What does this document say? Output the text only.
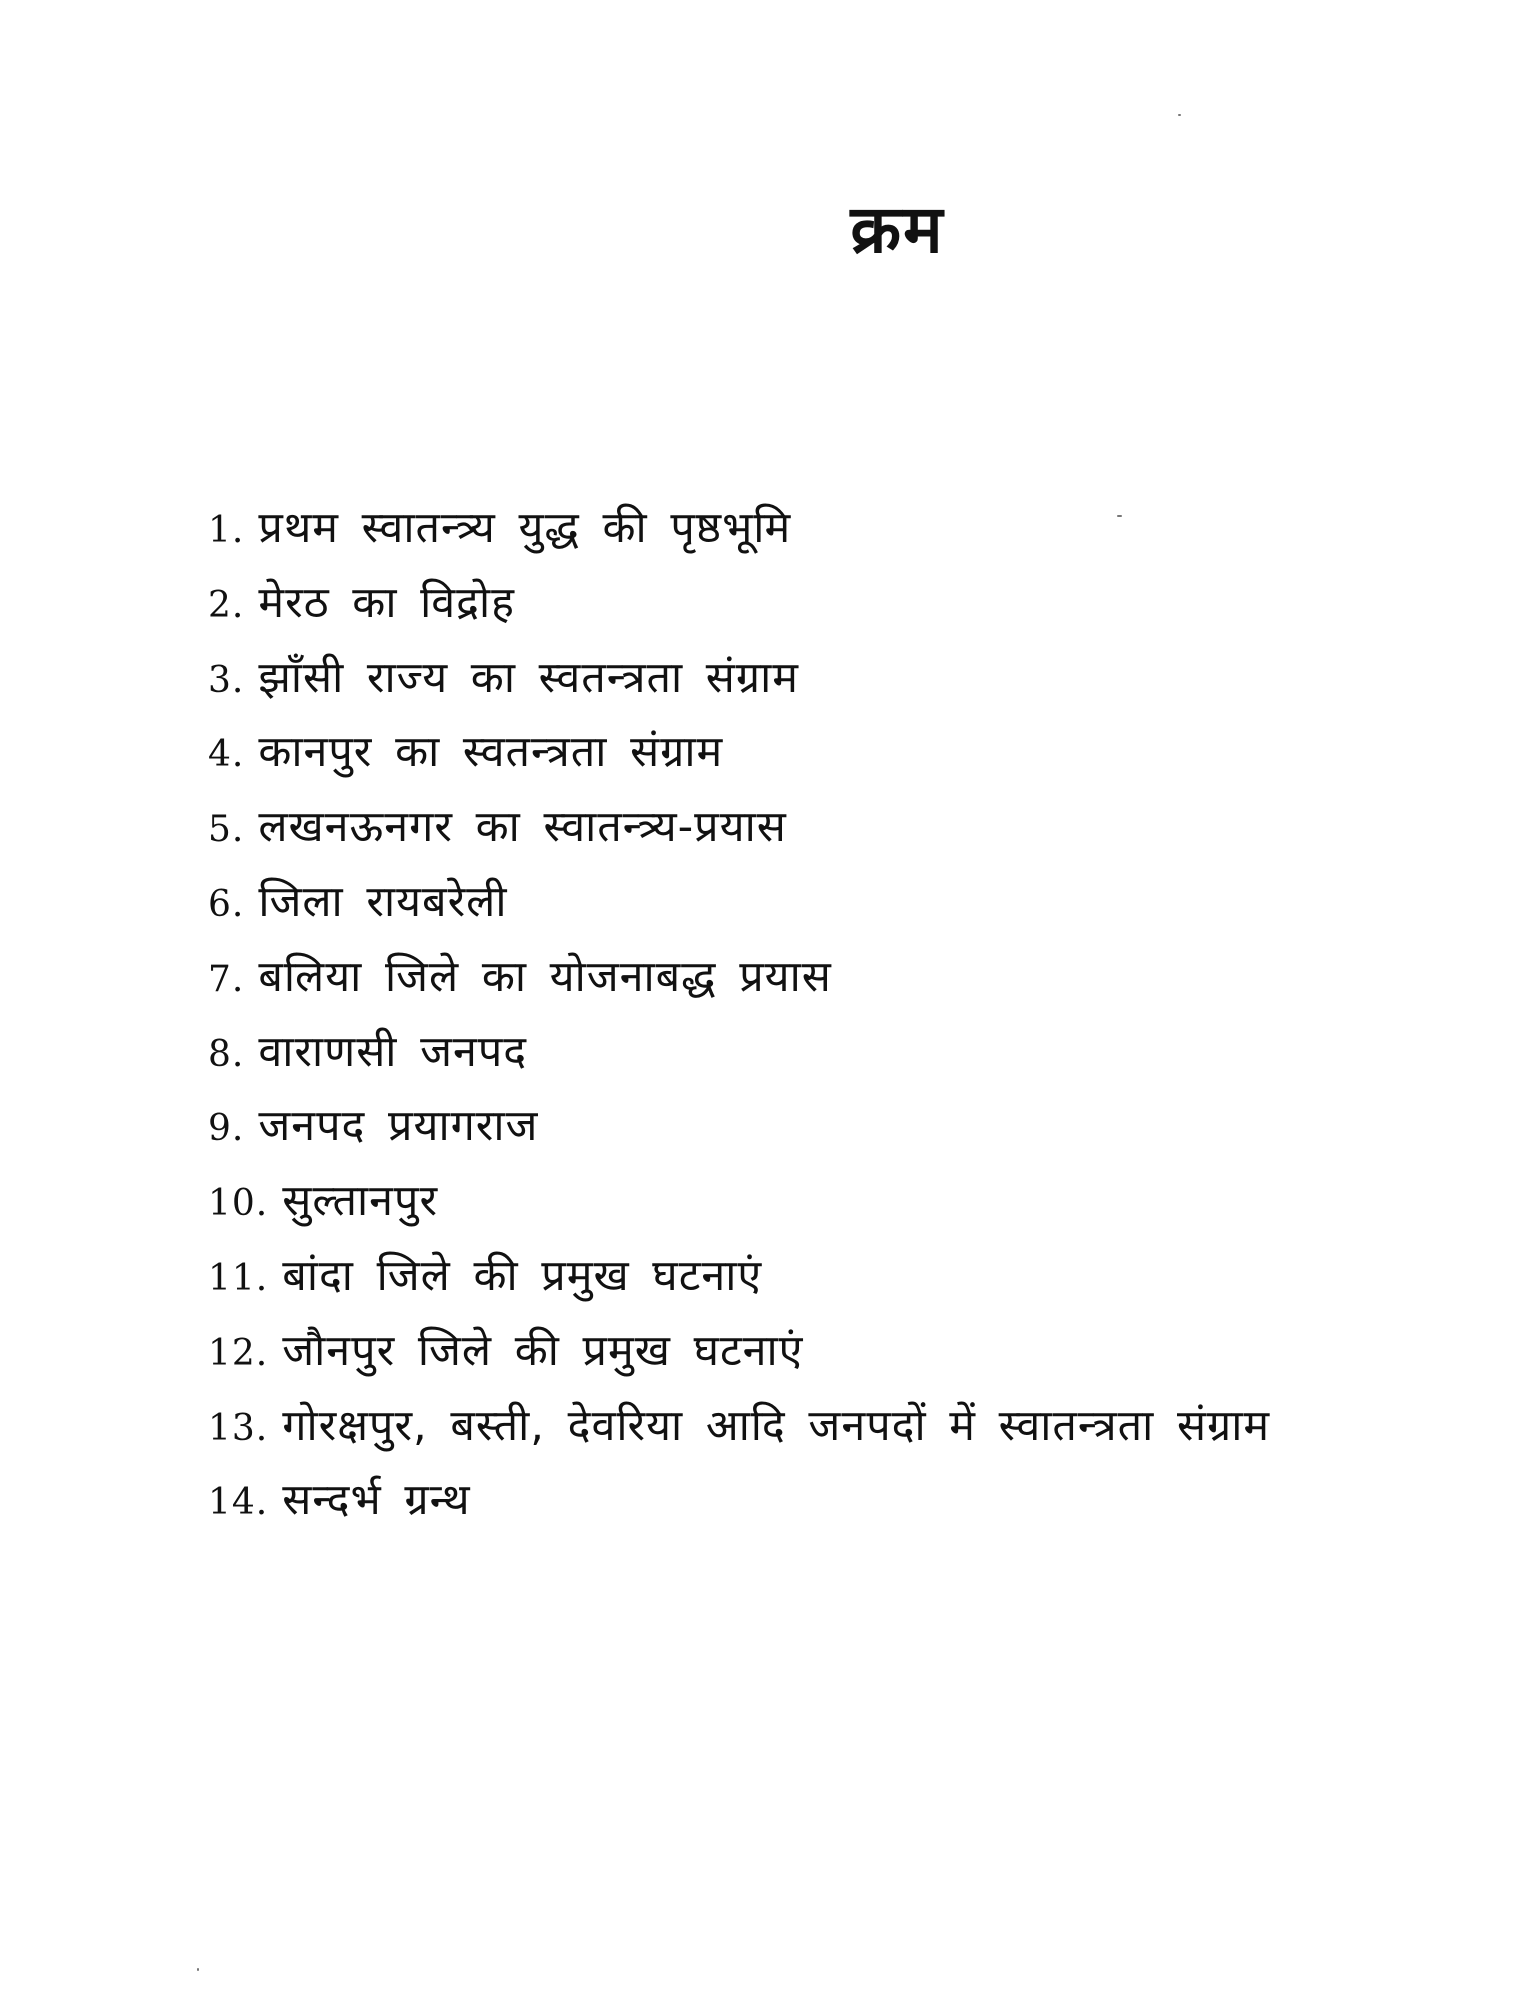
क्रम
1. प्रथम स्वातन्त्र्य युद्ध की पृष्ठभूमि
2. मेरठ का विद्रोह
3. झाँसी राज्य का स्वतन्त्रता संग्राम
4. कानपुर का स्वतन्त्रता संग्राम
5. लखनऊनगर का स्वातन्त्र्य-प्रयास
6. जिला रायबरेली
7. बलिया जिले का योजनाबद्ध प्रयास
8. वाराणसी जनपद
9. जनपद प्रयागराज
10. सुल्तानपुर
11. बांदा जिले की प्रमुख घटनाएं
12. जौनपुर जिले की प्रमुख घटनाएं
13. गोरक्षपुर, बस्ती, देवरिया आदि जनपदों में स्वातन्त्रता संग्राम
14. सन्दर्भ ग्रन्थ
